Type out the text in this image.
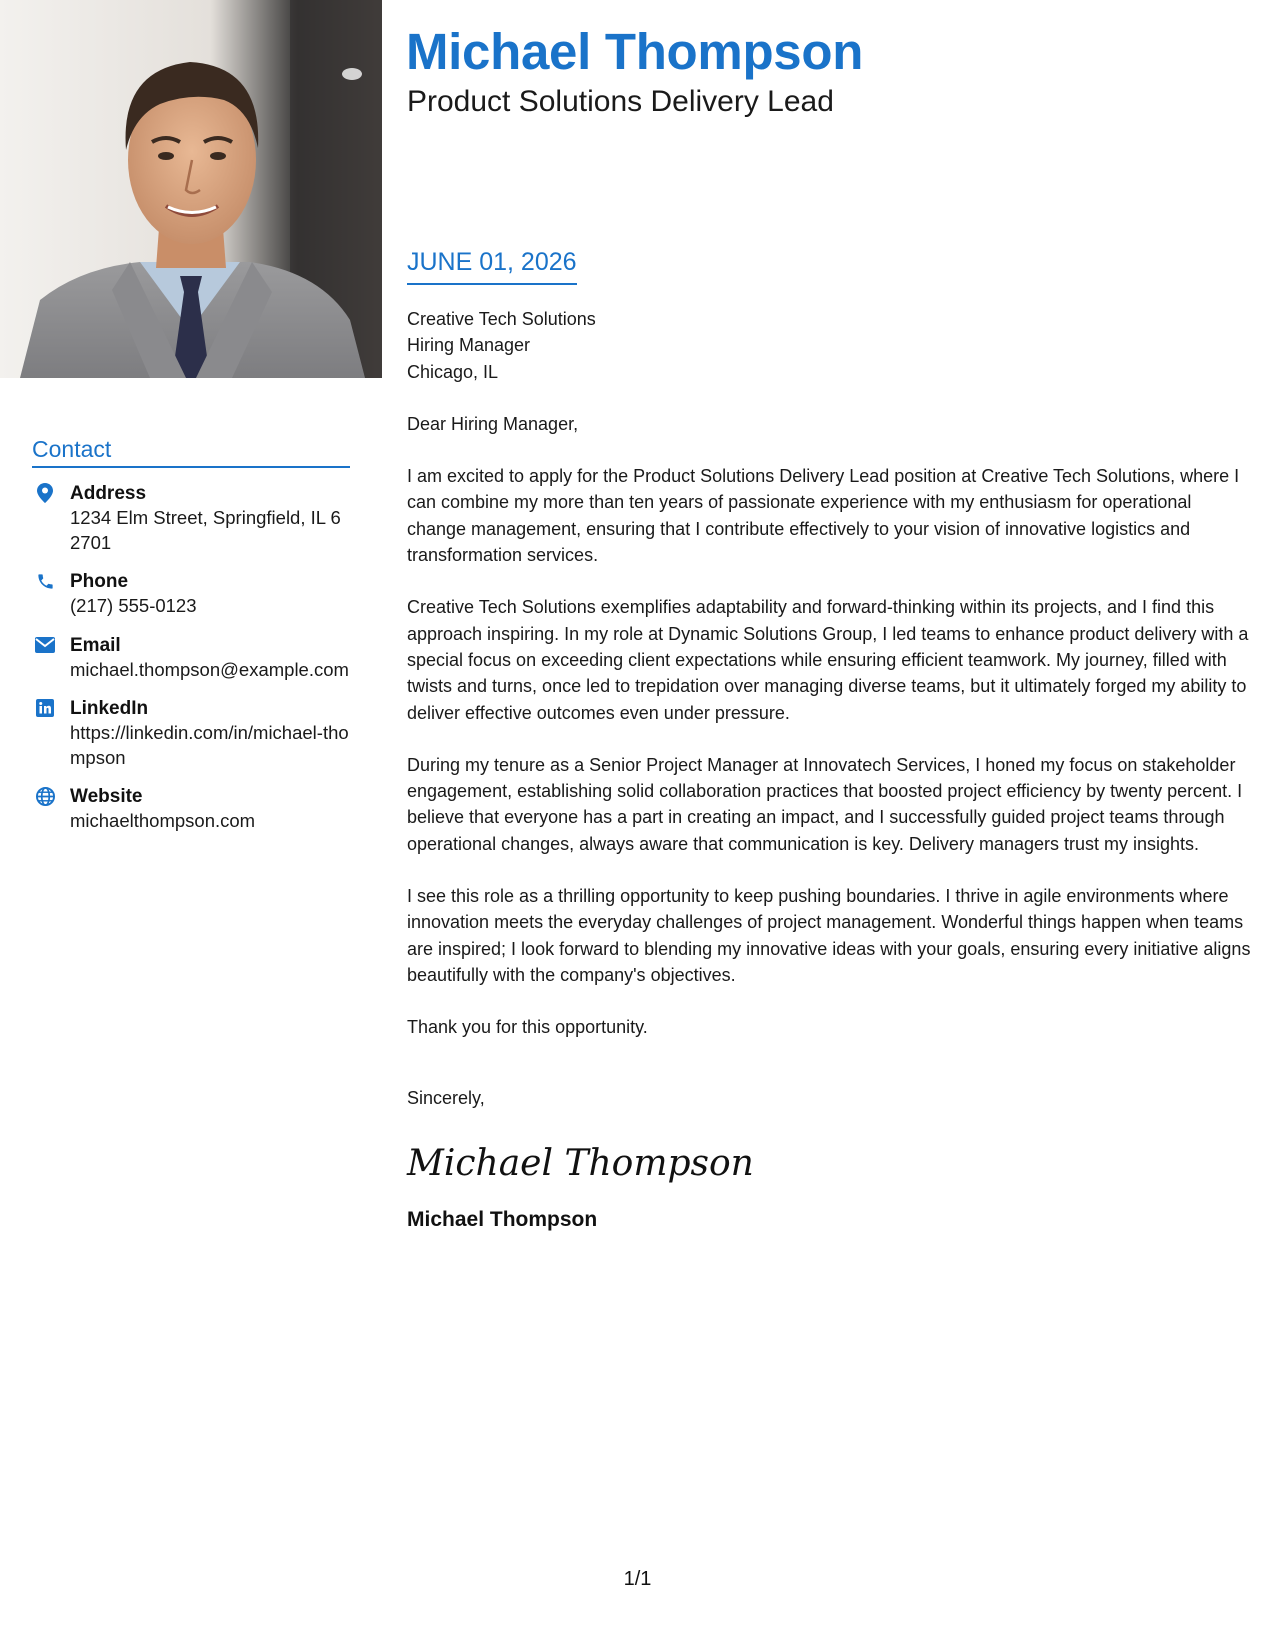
Contact
Address
1234 Elm Street, Springfield, IL 62701
Phone
(217) 555-0123
Email
michael.thompson@example.com
LinkedIn
https://linkedin.com/in/michael-thompson
Website
michaelthompson.com
Michael Thompson
Product Solutions Delivery Lead
JUNE 01, 2026
Creative Tech Solutions
Hiring Manager
Chicago, IL

Dear Hiring Manager,

I am excited to apply for the Product Solutions Delivery Lead position at Creative Tech Solutions, where I can combine my more than ten years of passionate experience with my enthusiasm for operational change management, ensuring that I contribute effectively to your vision of innovative logistics and transformation services.

Creative Tech Solutions exemplifies adaptability and forward-thinking within its projects, and I find this approach inspiring. In my role at Dynamic Solutions Group, I led teams to enhance product delivery with a special focus on exceeding client expectations while ensuring efficient teamwork. My journey, filled with twists and turns, once led to trepidation over managing diverse teams, but it ultimately forged my ability to deliver effective outcomes even under pressure.

During my tenure as a Senior Project Manager at Innovatech Services, I honed my focus on stakeholder engagement, establishing solid collaboration practices that boosted project efficiency by twenty percent. I believe that everyone has a part in creating an impact, and I successfully guided project teams through operational changes, always aware that communication is key. Delivery managers trust my insights.

I see this role as a thrilling opportunity to keep pushing boundaries. I thrive in agile environments where innovation meets the everyday challenges of project management. Wonderful things happen when teams are inspired; I look forward to blending my innovative ideas with your goals, ensuring every initiative aligns beautifully with the company's objectives.

Thank you for this opportunity.

Sincerely,

Michael Thompson
Michael Thompson
1/1
